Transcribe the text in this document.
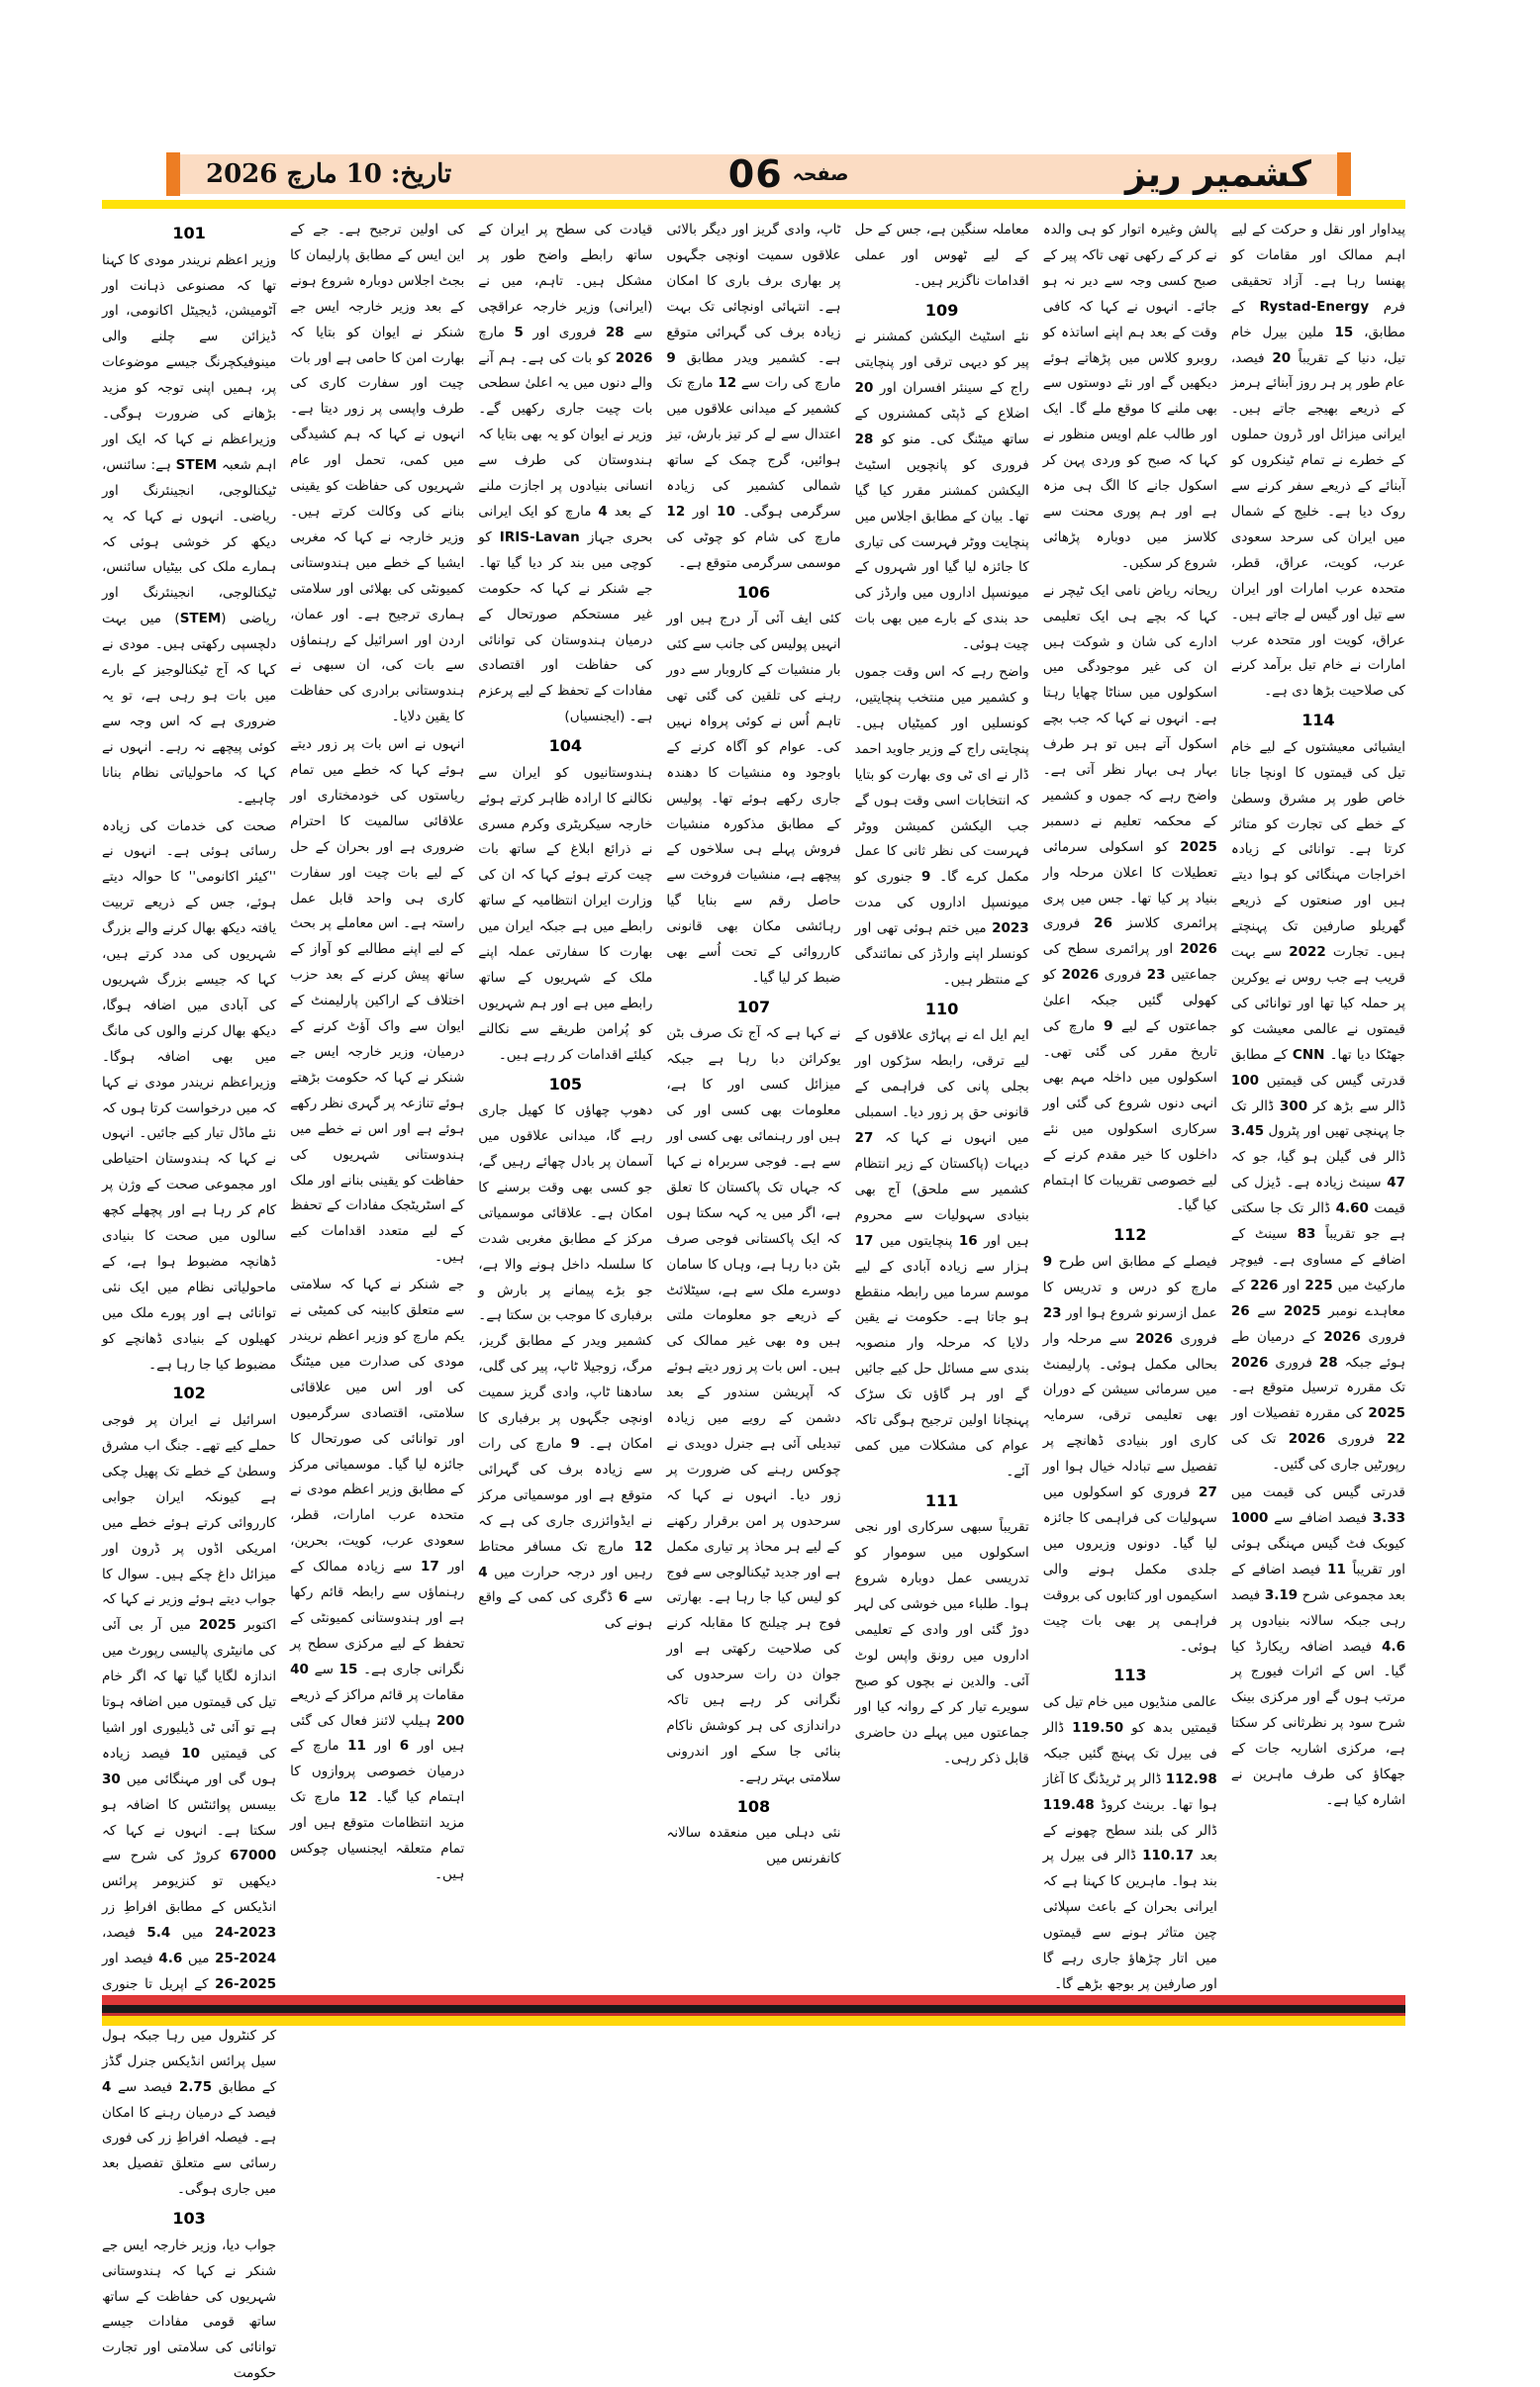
تاریخ: 10 مارچ 2026	صفحہ
06	کشمیر ریز
101

وزیر اعظم نریندر مودی کا کہنا تھا کہ مصنوعی ذہانت اور آٹومیشن، ڈیجیٹل اکانومی، اور ڈیزائن سے چلنے والی مینوفیکچرنگ جیسے موضوعات پر، ہمیں اپنی توجہ کو مزید بڑھانے کی ضرورت ہوگی۔ وزیراعظم نے کہا کہ ایک اور اہم شعبہ STEM ہے: سائنس، ٹیکنالوجی، انجینئرنگ اور ریاضی۔ انہوں نے کہا کہ یہ دیکھ کر خوشی ہوئی کہ ہمارے ملک کی بیٹیاں سائنس، ٹیکنالوجی، انجینئرنگ اور ریاضی (STEM) میں بہت دلچسپی رکھتی ہیں۔ مودی نے کہا کہ آج ٹیکنالوجیز کے بارے میں بات ہو رہی ہے، تو یہ ضروری ہے کہ اس وجہ سے کوئی پیچھے نہ رہے۔ انہوں نے کہا کہ ماحولیاتی نظام بنانا چاہیے۔

صحت کی خدمات کی زیادہ رسائی ہوئی ہے۔ انہوں نے ''کیئر اکانومی'' کا حوالہ دیتے ہوئے، جس کے ذریعے تربیت یافتہ دیکھ بھال کرنے والے بزرگ شہریوں کی مدد کرتے ہیں، کہا کہ جیسے بزرگ شہریوں کی آبادی میں اضافہ ہوگا، دیکھ بھال کرنے والوں کی مانگ میں بھی اضافہ ہوگا۔ وزیراعظم نریندر مودی نے کہا کہ میں درخواست کرتا ہوں کہ نئے ماڈل تیار کیے جائیں۔ انہوں نے کہا کہ ہندوستان احتیاطی اور مجموعی صحت کے وژن پر کام کر رہا ہے اور پچھلے کچھ سالوں میں صحت کا بنیادی ڈھانچہ مضبوط ہوا ہے، کے ماحولیاتی نظام میں ایک نئی توانائی ہے اور پورے ملک میں کھیلوں کے بنیادی ڈھانچے کو مضبوط کیا جا رہا ہے۔

102

اسرائیل نے ایران پر فوجی حملے کیے تھے۔ جنگ اب مشرق وسطیٰ کے خطے تک پھیل چکی ہے کیونکہ ایران جوابی کارروائی کرتے ہوئے خطے میں امریکی اڈوں پر ڈرون اور میزائل داغ چکے ہیں۔ سوال کا جواب دیتے ہوئے وزیر نے کہا کہ اکتوبر 2025 میں آر بی آئی کی مانیٹری پالیسی رپورٹ میں اندازہ لگایا گیا تھا کہ اگر خام تیل کی قیمتوں میں اضافہ ہوتا ہے تو آئی ٹی ڈیلیوری اور اشیا کی قیمتیں 10 فیصد زیادہ ہوں گی اور مہنگائی میں 30 بیسس پوائنٹس کا اضافہ ہو سکتا ہے۔ انہوں نے کہا کہ 67000 کروڑ کی شرح سے دیکھیں تو کنزیومر پرائس انڈیکس کے مطابق افراطِ زر 2023-24 میں 5.4 فیصد، 2024-25 میں 4.6 فیصد اور 2025-26 کے اپریل تا جنوری کر کنٹرول میں رہا جبکہ ہول سیل پرائس انڈیکس جنرل گڈز کے مطابق 2.75 فیصد سے 4 فیصد کے درمیان رہنے کا امکان ہے۔ فیصلہ افراطِ زر کی فوری رسائی سے متعلق تفصیل بعد میں جاری ہوگی۔

103

جواب دیا، وزیر خارجہ ایس جے شنکر نے کہا کہ ہندوستانی شہریوں کی حفاظت کے ساتھ ساتھ قومی مفادات جیسے توانائی کی سلامتی اور تجارت حکومت

کی اولین ترجیح ہے۔ جے کے این ایس کے مطابق پارلیمان کا بجٹ اجلاس دوبارہ شروع ہونے کے بعد وزیر خارجہ ایس جے شنکر نے ایوان کو بتایا کہ بھارت امن کا حامی ہے اور بات چیت اور سفارت کاری کی طرف واپسی پر زور دیتا ہے۔ انہوں نے کہا کہ ہم کشیدگی میں کمی، تحمل اور عام شہریوں کی حفاظت کو یقینی بنانے کی وکالت کرتے ہیں۔ وزیر خارجہ نے کہا کہ مغربی ایشیا کے خطے میں ہندوستانی کمیونٹی کی بھلائی اور سلامتی ہماری ترجیح ہے۔ اور عمان، اردن اور اسرائیل کے رہنماؤں سے بات کی، ان سبھی نے ہندوستانی برادری کی حفاظت کا یقین دلایا۔

انہوں نے اس بات پر زور دیتے ہوئے کہا کہ خطے میں تمام ریاستوں کی خودمختاری اور علاقائی سالمیت کا احترام ضروری ہے اور بحران کے حل کے لیے بات چیت اور سفارت کاری ہی واحد قابل عمل راستہ ہے۔ اس معاملے پر بحث کے لیے اپنے مطالبے کو آواز کے ساتھ پیش کرنے کے بعد حزب اختلاف کے اراکین پارلیمنٹ کے ایوان سے واک آؤٹ کرنے کے درمیان، وزیر خارجہ ایس جے شنکر نے کہا کہ حکومت بڑھتے ہوئے تنازعہ پر گہری نظر رکھے ہوئے ہے اور اس نے خطے میں ہندوستانی شہریوں کی حفاظت کو یقینی بنانے اور ملک کے اسٹریٹجک مفادات کے تحفظ کے لیے متعدد اقدامات کیے ہیں۔

جے شنکر نے کہا کہ سلامتی سے متعلق کابینہ کی کمیٹی نے یکم مارچ کو وزیر اعظم نریندر مودی کی صدارت میں میٹنگ کی اور اس میں علاقائی سلامتی، اقتصادی سرگرمیوں اور توانائی کی صورتحال کا جائزہ لیا گیا۔ موسمیاتی مرکز کے مطابق وزیر اعظم مودی نے متحدہ عرب امارات، قطر، سعودی عرب، کویت، بحرین، اور 17 سے زیادہ ممالک کے رہنماؤں سے رابطہ قائم رکھا ہے اور ہندوستانی کمیونٹی کے تحفظ کے لیے مرکزی سطح پر نگرانی جاری ہے۔ 15 سے 40 مقامات پر قائم مراکز کے ذریعے 200 ہیلپ لائنز فعال کی گئی ہیں اور 6 اور 11 مارچ کے درمیان خصوصی پروازوں کا اہتمام کیا گیا۔ 12 مارچ تک مزید انتظامات متوقع ہیں اور تمام متعلقہ ایجنسیاں چوکس ہیں۔

قیادت کی سطح پر ایران کے ساتھ رابطے واضح طور پر مشکل ہیں۔ تاہم، میں نے (ایرانی) وزیر خارجہ عراقچی سے 28 فروری اور 5 مارچ 2026 کو بات کی ہے۔ ہم آنے والے دنوں میں یہ اعلیٰ سطحی بات چیت جاری رکھیں گے۔ وزیر نے ایوان کو یہ بھی بتایا کہ ہندوستان کی طرف سے انسانی بنیادوں پر اجازت ملنے کے بعد 4 مارچ کو ایک ایرانی بحری جہاز IRIS-Lavan کو کوچی میں بند کر دیا گیا تھا۔ جے شنکر نے کہا کہ حکومت غیر مستحکم صورتحال کے درمیان ہندوستان کی توانائی کی حفاظت اور اقتصادی مفادات کے تحفظ کے لیے پرعزم ہے۔ (ایجنسیاں)

104

ہندوستانیوں کو ایران سے نکالنے کا ارادہ ظاہر کرتے ہوئے خارجہ سیکریٹری وکرم مسری نے ذرائع ابلاغ کے ساتھ بات چیت کرتے ہوئے کہا کہ ان کی وزارت ایران انتظامیہ کے ساتھ رابطے میں ہے جبکہ ایران میں بھارت کا سفارتی عملہ اپنے ملک کے شہریوں کے ساتھ رابطے میں ہے اور ہم شہریوں کو پُرامن طریقے سے نکالنے کیلئے اقدامات کر رہے ہیں۔

105

دھوپ چھاؤں کا کھیل جاری رہے گا، میدانی علاقوں میں آسمان پر بادل چھائے رہیں گے، جو کسی بھی وقت برسنے کا امکان ہے۔ علاقائی موسمیاتی مرکز کے مطابق مغربی شدت کا سلسلہ داخل ہونے والا ہے، جو بڑے پیمانے پر بارش و برفباری کا موجب بن سکتا ہے۔ کشمیر ویدر کے مطابق گریز، مرگ، زوجیلا ٹاپ، پیر کی گلی، سادھنا ٹاپ، وادی گریز سمیت اونچی جگہوں پر برفباری کا امکان ہے۔ 9 مارچ کی رات سے زیادہ برف کی گہرائی متوقع ہے اور موسمیاتی مرکز نے ایڈوائزری جاری کی ہے کہ 12 مارچ تک مسافر محتاط رہیں اور درجہ حرارت میں 4 سے 6 ڈگری کی کمی کے واقع ہونے کی

ٹاپ، وادی گریز اور دیگر بالائی علاقوں سمیت اونچی جگہوں پر بھاری برف باری کا امکان ہے۔ انتہائی اونچائی تک بہت زیادہ برف کی گہرائی متوقع ہے۔ کشمیر ویدر مطابق 9 مارچ کی رات سے 12 مارچ تک کشمیر کے میدانی علاقوں میں اعتدال سے لے کر تیز بارش، تیز ہوائیں، گرج چمک کے ساتھ شمالی کشمیر کی زیادہ سرگرمی ہوگی۔ 10 اور 12 مارچ کی شام کو چوٹی کی موسمی سرگرمی متوقع ہے۔

106

کئی ایف آئی آر درج ہیں اور انہیں پولیس کی جانب سے کئی بار منشیات کے کاروبار سے دور رہنے کی تلقین کی گئی تھی تاہم اُس نے کوئی پرواہ نہیں کی۔ عوام کو آگاہ کرنے کے باوجود وہ منشیات کا دھندہ جاری رکھے ہوئے تھا۔ پولیس کے مطابق مذکورہ منشیات فروش پہلے ہی سلاخوں کے پیچھے ہے، منشیات فروخت سے حاصل رقم سے بنایا گیا رہائشی مکان بھی قانونی کارروائی کے تحت اُسے بھی ضبط کر لیا گیا۔

107

نے کہا ہے کہ آج تک صرف بٹن یوکرائن دبا رہا ہے جبکہ میزائل کسی اور کا ہے، معلومات بھی کسی اور کی ہیں اور رہنمائی بھی کسی اور سے ہے۔ فوجی سربراہ نے کہا کہ جہاں تک پاکستان کا تعلق ہے، اگر میں یہ کہہ سکتا ہوں کہ ایک پاکستانی فوجی صرف بٹن دبا رہا ہے، وہاں کا سامان دوسرے ملک سے ہے، سیٹلائٹ کے ذریعے جو معلومات ملتی ہیں وہ بھی غیر ممالک کی ہیں۔ اس بات پر زور دیتے ہوئے کہ آپریشن سندور کے بعد دشمن کے رویے میں زیادہ تبدیلی آئی ہے جنرل دویدی نے چوکس رہنے کی ضرورت پر زور دیا۔ انہوں نے کہا کہ سرحدوں پر امن برقرار رکھنے کے لیے ہر محاذ پر تیاری مکمل ہے اور جدید ٹیکنالوجی سے فوج کو لیس کیا جا رہا ہے۔ بھارتی فوج ہر چیلنج کا مقابلہ کرنے کی صلاحیت رکھتی ہے اور جوان دن رات سرحدوں کی نگرانی کر رہے ہیں تاکہ دراندازی کی ہر کوشش ناکام بنائی جا سکے اور اندرونی سلامتی بہتر رہے۔

108

نئی دہلی میں منعقدہ سالانہ کانفرنس میں

معاملہ سنگین ہے، جس کے حل کے لیے ٹھوس اور عملی اقدامات ناگزیر ہیں۔

109

نئے اسٹیٹ الیکشن کمشنر نے پیر کو دیہی ترقی اور پنچایتی راج کے سینئر افسران اور 20 اضلاع کے ڈپٹی کمشنروں کے ساتھ میٹنگ کی۔ منو کو 28 فروری کو پانچویں اسٹیٹ الیکشن کمشنر مقرر کیا گیا تھا۔ بیان کے مطابق اجلاس میں پنچایت ووٹر فہرست کی تیاری کا جائزہ لیا گیا اور شہروں کے میونسپل اداروں میں وارڈز کی حد بندی کے بارے میں بھی بات چیت ہوئی۔

واضح رہے کہ اس وقت جموں و کشمیر میں منتخب پنچایتیں، کونسلیں اور کمیٹیاں ہیں۔ پنچایتی راج کے وزیر جاوید احمد ڈار نے ای ٹی وی بھارت کو بتایا کہ انتخابات اسی وقت ہوں گے جب الیکشن کمیشن ووٹر فہرست کی نظر ثانی کا عمل مکمل کرے گا۔ 9 جنوری کو میونسپل اداروں کی مدت 2023 میں ختم ہوئی تھی اور کونسلر اپنے وارڈز کی نمائندگی کے منتظر ہیں۔

110

ایم ایل اے نے پہاڑی علاقوں کے لیے ترقی، رابطہ سڑکوں اور بجلی پانی کی فراہمی کے قانونی حق پر زور دیا۔ اسمبلی میں انہوں نے کہا کہ 27 دیہات (پاکستان کے زیر انتظام کشمیر سے ملحق) آج بھی بنیادی سہولیات سے محروم ہیں اور 16 پنچایتوں میں 17 ہزار سے زیادہ آبادی کے لیے موسم سرما میں رابطہ منقطع ہو جاتا ہے۔ حکومت نے یقین دلایا کہ مرحلہ وار منصوبہ بندی سے مسائل حل کیے جائیں گے اور ہر گاؤں تک سڑک پہنچانا اولین ترجیح ہوگی تاکہ عوام کی مشکلات میں کمی آئے۔

111

تقریباً سبھی سرکاری اور نجی اسکولوں میں سوموار کو تدریسی عمل دوبارہ شروع ہوا۔ طلباء میں خوشی کی لہر دوڑ گئی اور وادی کے تعلیمی اداروں میں رونق واپس لوٹ آئی۔ والدین نے بچوں کو صبح سویرے تیار کر کے روانہ کیا اور جماعتوں میں پہلے دن حاضری قابل ذکر رہی۔

پالش وغیرہ اتوار کو ہی والدہ نے کر کے رکھی تھی تاکہ پیر کے صبح کسی وجہ سے دیر نہ ہو جائے۔ انہوں نے کہا کہ کافی وقت کے بعد ہم اپنے اساتذہ کو روبرو کلاس میں پڑھاتے ہوئے دیکھیں گے اور نئے دوستوں سے بھی ملنے کا موقع ملے گا۔ ایک اور طالب علم اویس منظور نے کہا کہ صبح کو وردی پہن کر اسکول جانے کا الگ ہی مزہ ہے اور ہم پوری محنت سے کلاسز میں دوبارہ پڑھائی شروع کر سکیں۔

ریحانہ ریاض نامی ایک ٹیچر نے کہا کہ بچے ہی ایک تعلیمی ادارے کی شان و شوکت ہیں ان کی غیر موجودگی میں اسکولوں میں سناٹا چھایا رہتا ہے۔ انہوں نے کہا کہ جب بچے اسکول آتے ہیں تو ہر طرف بہار ہی بہار نظر آتی ہے۔ واضح رہے کہ جموں و کشمیر کے محکمہ تعلیم نے دسمبر 2025 کو اسکولی سرمائی تعطیلات کا اعلان مرحلہ وار بنیاد پر کیا تھا۔ جس میں پری پرائمری کلاسز 26 فروری 2026 اور پرائمری سطح کی جماعتیں 23 فروری 2026 کو کھولی گئیں جبکہ اعلیٰ جماعتوں کے لیے 9 مارچ کی تاریخ مقرر کی گئی تھی۔ اسکولوں میں داخلہ مہم بھی انہی دنوں شروع کی گئی اور سرکاری اسکولوں میں نئے داخلوں کا خیر مقدم کرنے کے لیے خصوصی تقریبات کا اہتمام کیا گیا۔

112

فیصلے کے مطابق اس طرح 9 مارچ کو درس و تدریس کا عمل ازسرنو شروع ہوا اور 23 فروری 2026 سے مرحلہ وار بحالی مکمل ہوئی۔ پارلیمنٹ میں سرمائی سیشن کے دوران بھی تعلیمی ترقی، سرمایہ کاری اور بنیادی ڈھانچے پر تفصیل سے تبادلہ خیال ہوا اور 27 فروری کو اسکولوں میں سہولیات کی فراہمی کا جائزہ لیا گیا۔ دونوں وزیروں میں جلدی مکمل ہونے والی اسکیموں اور کتابوں کی بروقت فراہمی پر بھی بات چیت ہوئی۔

113

عالمی منڈیوں میں خام تیل کی قیمتیں بدھ کو 119.50 ڈالر فی بیرل تک پہنچ گئیں جبکہ 112.98 ڈالر پر ٹریڈنگ کا آغاز ہوا تھا۔ برینٹ کروڈ 119.48 ڈالر کی بلند سطح چھونے کے بعد 110.17 ڈالر فی بیرل پر بند ہوا۔ ماہرین کا کہنا ہے کہ ایرانی بحران کے باعث سپلائی چین متاثر ہونے سے قیمتوں میں اتار چڑھاؤ جاری رہے گا اور صارفین پر بوجھ بڑھے گا۔

پیداوار اور نقل و حرکت کے لیے اہم ممالک اور مقامات کو پھنسا رہا ہے۔ آزاد تحقیقی فرم Rystad-Energy کے مطابق، 15 ملین بیرل خام تیل، دنیا کے تقریباً 20 فیصد، عام طور پر ہر روز آبنائے ہرمز کے ذریعے بھیجے جاتے ہیں۔ ایرانی میزائل اور ڈرون حملوں کے خطرے نے تمام ٹینکروں کو آبنائے کے ذریعے سفر کرنے سے روک دیا ہے۔ خلیج کے شمال میں ایران کی سرحد سعودی عرب، کویت، عراق، قطر، متحدہ عرب امارات اور ایران سے تیل اور گیس لے جاتے ہیں۔ عراق، کویت اور متحدہ عرب امارات نے خام تیل برآمد کرنے کی صلاحیت بڑھا دی ہے۔

114

ایشیائی معیشتوں کے لیے خام تیل کی قیمتوں کا اونچا جانا خاص طور پر مشرق وسطیٰ کے خطے کی تجارت کو متاثر کرتا ہے۔ توانائی کے زیادہ اخراجات مہنگائی کو ہوا دیتے ہیں اور صنعتوں کے ذریعے گھریلو صارفین تک پہنچتے ہیں۔ تجارت 2022 سے بہت قریب ہے جب روس نے یوکرین پر حملہ کیا تھا اور توانائی کی قیمتوں نے عالمی معیشت کو جھٹکا دیا تھا۔ CNN کے مطابق قدرتی گیس کی قیمتیں 100 ڈالر سے بڑھ کر 300 ڈالر تک جا پہنچی تھیں اور پٹرول 3.45 ڈالر فی گیلن ہو گیا، جو کہ 47 سینٹ زیادہ ہے۔ ڈیزل کی قیمت 4.60 ڈالر تک جا سکتی ہے جو تقریباً 83 سینٹ کے اضافے کے مساوی ہے۔ فیوچر مارکیٹ میں 225 اور 226 کے معاہدے نومبر 2025 سے 26 فروری 2026 کے درمیان طے ہوئے جبکہ 28 فروری 2026 تک مقررہ ترسیل متوقع ہے۔ 2025 کی مقررہ تفصیلات اور 22 فروری 2026 تک کی رپورٹیں جاری کی گئیں۔

قدرتی گیس کی قیمت میں 3.33 فیصد اضافے سے 1000 کیوبک فٹ گیس مہنگی ہوئی اور تقریباً 11 فیصد اضافے کے بعد مجموعی شرح 3.19 فیصد رہی جبکہ سالانہ بنیادوں پر 4.6 فیصد اضافہ ریکارڈ کیا گیا۔ اس کے اثرات فیورج پر مرتب ہوں گے اور مرکزی بینک شرح سود پر نظرثانی کر سکتا ہے، مرکزی اشاریہ جات کے جھکاؤ کی طرف ماہرین نے اشارہ کیا ہے۔
